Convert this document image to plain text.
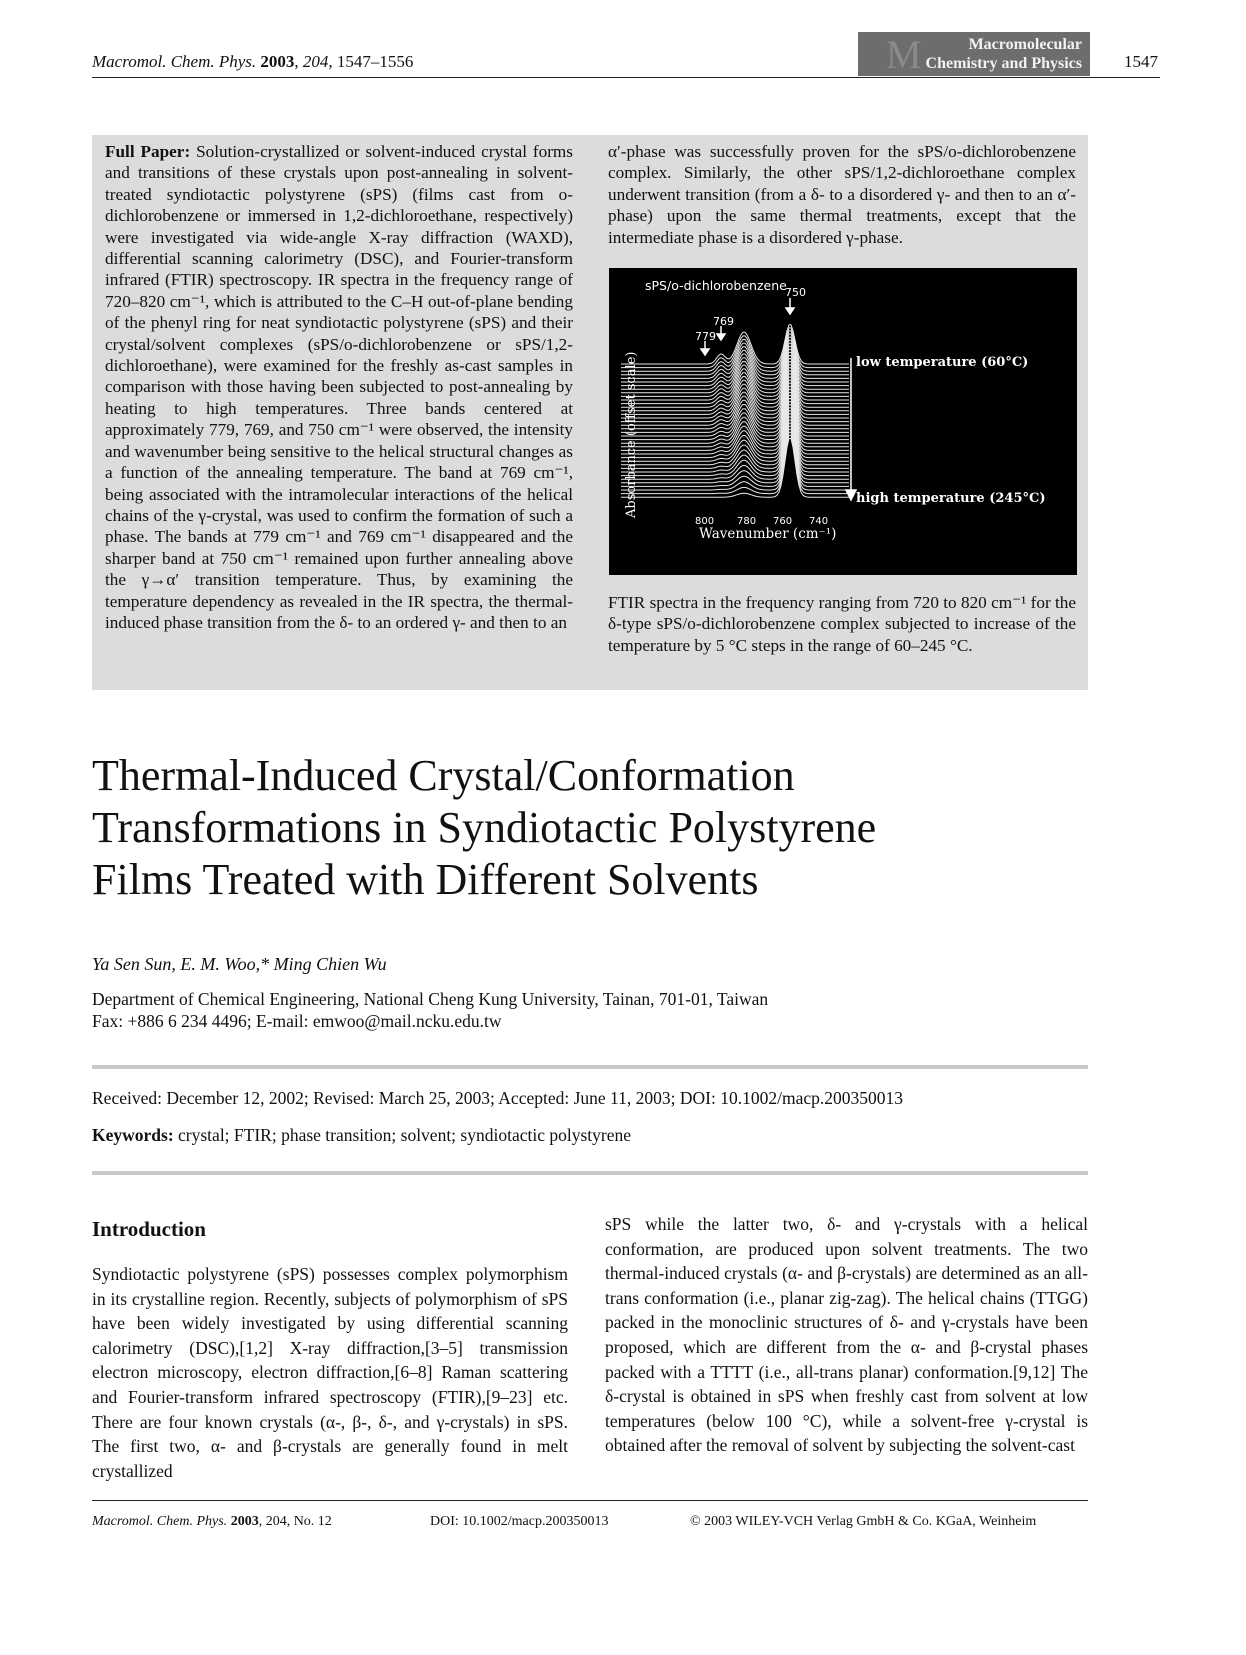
Macromol. Chem. Phys. 2003, 204, 1547–1556	M	Macromolecular
Chemistry and Physics 1547
Full Paper: Solution-crystallized or solvent-induced crystal forms and transitions of these crystals upon post-annealing in solvent-treated syndiotactic polystyrene (sPS) (films cast from o-dichlorobenzene or immersed in 1,2-dichloroethane, respectively) were investigated via wide-angle X-ray diffraction (WAXD), differential scanning calorimetry (DSC), and Fourier-transform infrared (FTIR) spectroscopy. IR spectra in the frequency range of 720–820 cm⁻¹, which is attributed to the C–H out-of-plane bending of the phenyl ring for neat syndiotactic polystyrene (sPS) and their crystal/solvent complexes (sPS/o-dichlorobenzene or sPS/1,2-dichloroethane), were examined for the freshly as-cast samples in comparison with those having been subjected to post-annealing by heating to high temperatures. Three bands centered at approximately 779, 769, and 750 cm⁻¹ were observed, the intensity and wavenumber being sensitive to the helical structural changes as a function of the annealing temperature. The band at 769 cm⁻¹, being associated with the intramolecular interactions of the helical chains of the γ-crystal, was used to confirm the formation of such a phase. The bands at 779 cm⁻¹ and 769 cm⁻¹ disappeared and the sharper band at 750 cm⁻¹ remained upon further annealing above the γ→α′ transition temperature. Thus, by examining the temperature dependency as revealed in the IR spectra, the thermal-induced phase transition from the δ- to an ordered γ- and then to an
α′-phase was successfully proven for the sPS/o-dichlorobenzene complex. Similarly, the other sPS/1,2-dichloroethane complex underwent transition (from a δ- to a disordered γ- and then to an α′-phase) upon the same thermal treatments, except that the intermediate phase is a disordered γ-phase.
sPS/o-dichlorobenzene
750
769
779
low temperature (60°C)
high temperature (245°C)
Absorbance (offset scale)
800 780 760 740
Wavenumber (cm⁻¹)
FTIR spectra in the frequency ranging from 720 to 820 cm⁻¹ for the δ-type sPS/o-dichlorobenzene complex subjected to increase of the temperature by 5 °C steps in the range of 60–245 °C.
Thermal-Induced Crystal/Conformation
Transformations in Syndiotactic Polystyrene
Films Treated with Different Solvents
Ya Sen Sun, E. M. Woo,* Ming Chien Wu
Department of Chemical Engineering, National Cheng Kung University, Tainan, 701-01, Taiwan
Fax: +886 6 234 4496; E-mail: emwoo@mail.ncku.edu.tw
Received: December 12, 2002; Revised: March 25, 2003; Accepted: June 11, 2003; DOI: 10.1002/macp.200350013
Keywords: crystal; FTIR; phase transition; solvent; syndiotactic polystyrene
Introduction
Syndiotactic polystyrene (sPS) possesses complex polymorphism in its crystalline region. Recently, subjects of polymorphism of sPS have been widely investigated by using differential scanning calorimetry (DSC),[1,2] X-ray diffraction,[3–5] transmission electron microscopy, electron diffraction,[6–8] Raman scattering and Fourier-transform infrared spectroscopy (FTIR),[9–23] etc. There are four known crystals (α-, β-, δ-, and γ-crystals) in sPS. The first two, α- and β-crystals are generally found in melt crystallized
sPS while the latter two, δ- and γ-crystals with a helical conformation, are produced upon solvent treatments. The two thermal-induced crystals (α- and β-crystals) are determined as an all-trans conformation (i.e., planar zig-zag). The helical chains (TTGG) packed in the monoclinic structures of δ- and γ-crystals have been proposed, which are different from the α- and β-crystal phases packed with a TTTT (i.e., all-trans planar) conformation.[9,12] The δ-crystal is obtained in sPS when freshly cast from solvent at low temperatures (below 100 °C), while a solvent-free γ-crystal is obtained after the removal of solvent by subjecting the solvent-cast
Macromol. Chem. Phys. 2003, 204, No. 12	DOI: 10.1002/macp.200350013	© 2003 WILEY-VCH Verlag GmbH & Co. KGaA, Weinheim
